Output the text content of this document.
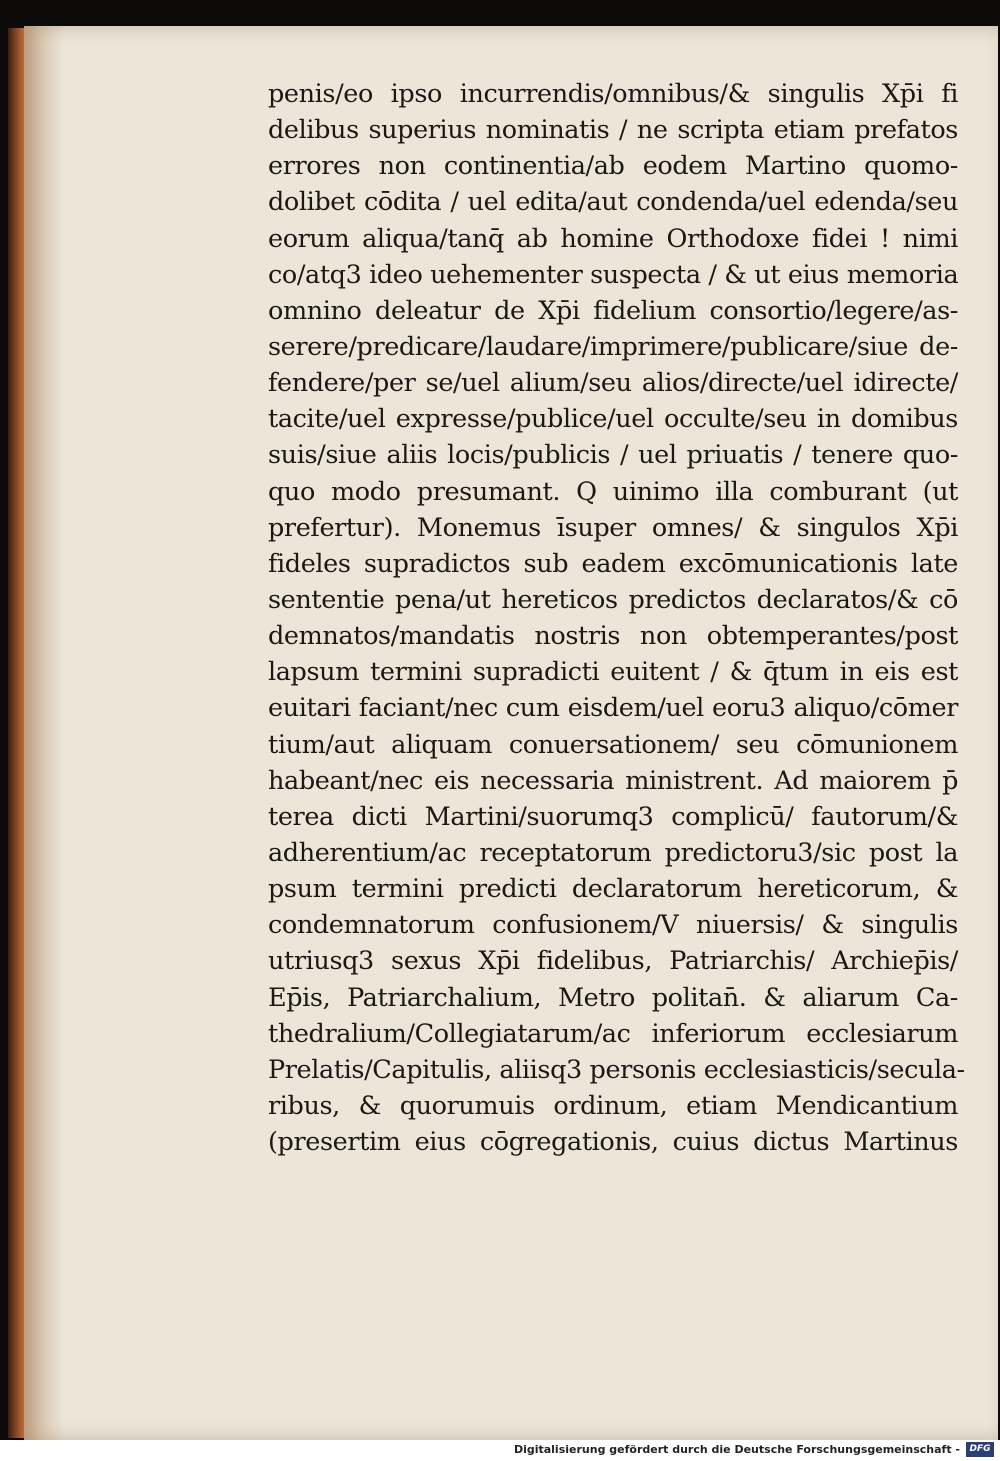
penis/eo ipso incurrendis/omnibus/& singulis Xp̄i fi
delibus superius nominatis / ne scripta etiam prefatos
errores non continentia/ab eodem Martino quomo-
dolibet cōdita / uel edita/aut condenda/uel edenda/seu
eorum aliqua/tanq̄ ab homine Orthodoxe fidei ! nimi
co/atq3 ideo uehementer suspecta / & ut eius memoria
omnino deleatur de Xp̄i fidelium consortio/legere/as-
serere/predicare/laudare/imprimere/publicare/siue de-
fendere/per se/uel alium/seu alios/directe/uel idirecte/
tacite/uel expresse/publice/uel occulte/seu in domibus
suis/siue aliis locis/publicis / uel priuatis / tenere quo-
quo modo presumant. Q uinimo illa comburant (ut
prefertur). Monemus īsuper omnes/ & singulos Xp̄i
fideles supradictos sub eadem excōmunicationis late
sententie pena/ut hereticos predictos declaratos/& cō
demnatos/mandatis nostris non obtemperantes/post
lapsum termini supradicti euitent / & q̄tum in eis est
euitari faciant/nec cum eisdem/uel eoru3 aliquo/cōmer
tium/aut aliquam conuersationem/ seu cōmunionem
habeant/nec eis necessaria ministrent. Ad maiorem p̄
terea dicti Martini/suorumq3 complicū/ fautorum/&
adherentium/ac receptatorum predictoru3/sic post la
psum termini predicti declaratorum hereticorum, &
condemnatorum confusionem/V niuersis/ & singulis
utriusq3 sexus Xp̄i fidelibus, Patriarchis/ Archiep̄is/
Ep̄is, Patriarchalium, Metro politan̄. & aliarum Ca-
thedralium/Collegiatarum/ac inferiorum ecclesiarum
Prelatis/Capitulis, aliisq3 personis ecclesiasticis/secula-
ribus, & quorumuis ordinum, etiam Mendicantium
(presertim eius cōgregationis, cuius dictus Martinus
Digitalisierung gefördert durch die Deutsche Forschungsgemeinschaft -	DFG
